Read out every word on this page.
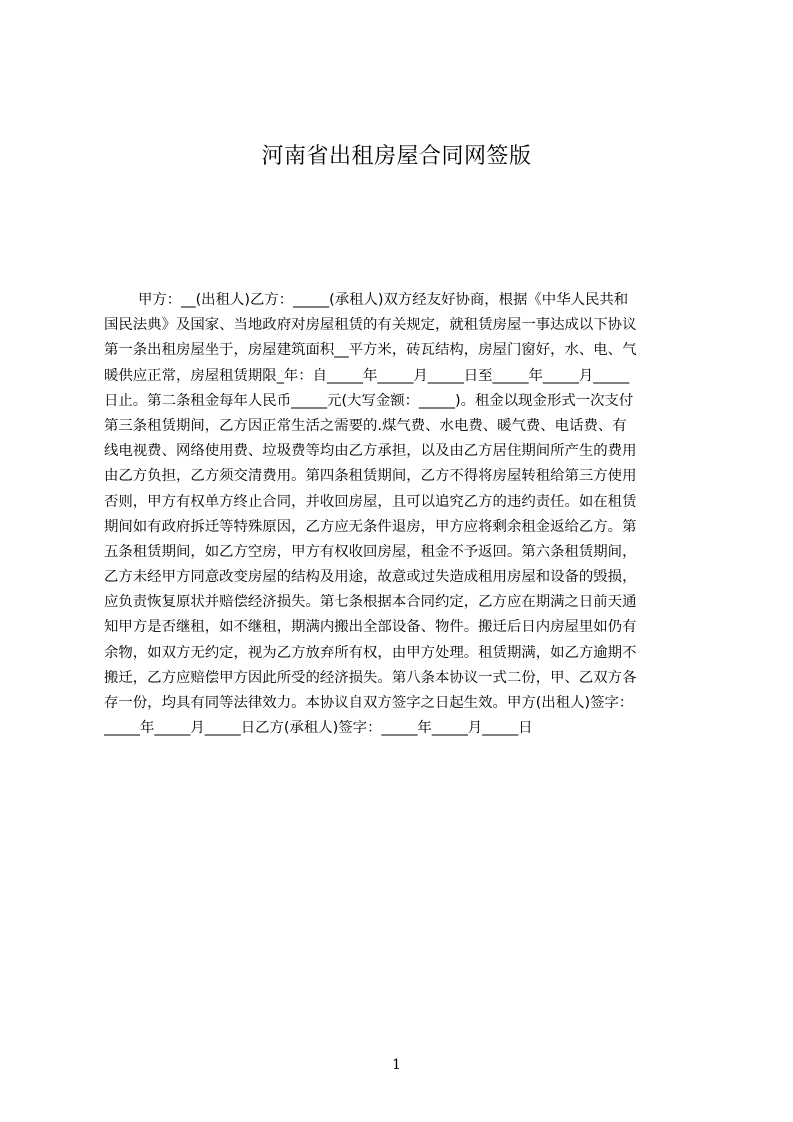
河南省出租房屋合同网签版
甲方：__(出租人)乙方：_____(承租人)双方经友好协商，根据《中华人民共和
国民法典》及国家、当地政府对房屋租赁的有关规定，就租赁房屋一事达成以下协议
第一条出租房屋坐于，房屋建筑面积__平方米，砖瓦结构，房屋门窗好，水、电、气
暖供应正常，房屋租赁期限_年：自_____年_____月_____日至_____年_____月_____
日止。第二条租金每年人民币_____元(大写金额：_____)。租金以现金形式一次支付
第三条租赁期间，乙方因正常生活之需要的.煤气费、水电费、暖气费、电话费、有
线电视费、网络使用费、垃圾费等均由乙方承担，以及由乙方居住期间所产生的费用
由乙方负担，乙方须交清费用。第四条租赁期间，乙方不得将房屋转租给第三方使用
否则，甲方有权单方终止合同，并收回房屋，且可以追究乙方的违约责任。如在租赁
期间如有政府拆迁等特殊原因，乙方应无条件退房，甲方应将剩余租金返给乙方。第
五条租赁期间，如乙方空房，甲方有权收回房屋，租金不予返回。第六条租赁期间，
乙方未经甲方同意改变房屋的结构及用途，故意或过失造成租用房屋和设备的毁损，
应负责恢复原状并赔偿经济损失。第七条根据本合同约定，乙方应在期满之日前天通
知甲方是否继租，如不继租，期满内搬出全部设备、物件。搬迁后日内房屋里如仍有
余物，如双方无约定，视为乙方放弃所有权，由甲方处理。租赁期满，如乙方逾期不
搬迁，乙方应赔偿甲方因此所受的经济损失。第八条本协议一式二份，甲、乙双方各
存一份，均具有同等法律效力。本协议自双方签字之日起生效。甲方(出租人)签字：
_____年_____月_____日乙方(承租人)签字：_____年_____月_____日
1
